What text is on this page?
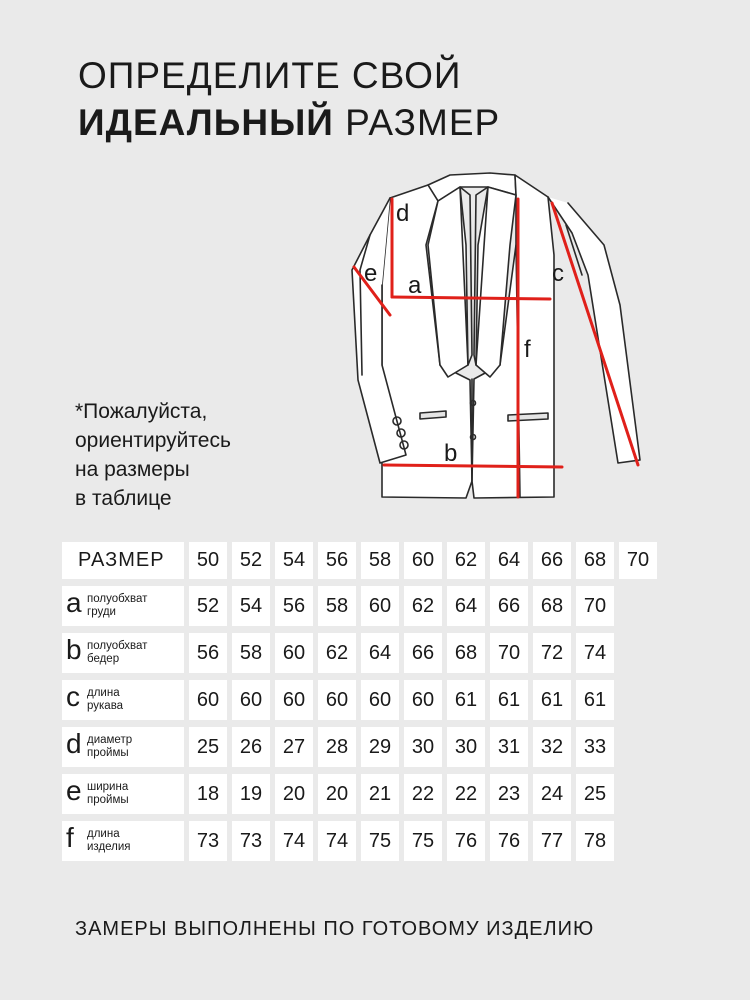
ОПРЕДЕЛИТЕ СВОЙ
ИДЕАЛЬНЫЙ РАЗМЕР
*Пожалуйста,
ориентируйтесь
на размеры
в таблице
a
b
c
d
e
f
РАЗМЕР	50	52	54	56	58	60	62	64	66	68	70

a полуобхват
груди	52	54	56	58	60	62	64	66	68	70	

b полуобхват
бедер	56	58	60	62	64	66	68	70	72	74	

c длина
рукава	60	60	60	60	60	60	61	61	61	61	

d диаметр
проймы	25	26	27	28	29	30	30	31	32	33	

e ширина
проймы	18	19	20	20	21	22	22	23	24	25	

f длина
изделия	73	73	74	74	75	75	76	76	77	78	
ЗАМЕРЫ ВЫПОЛНЕНЫ ПО ГОТОВОМУ ИЗДЕЛИЮ
